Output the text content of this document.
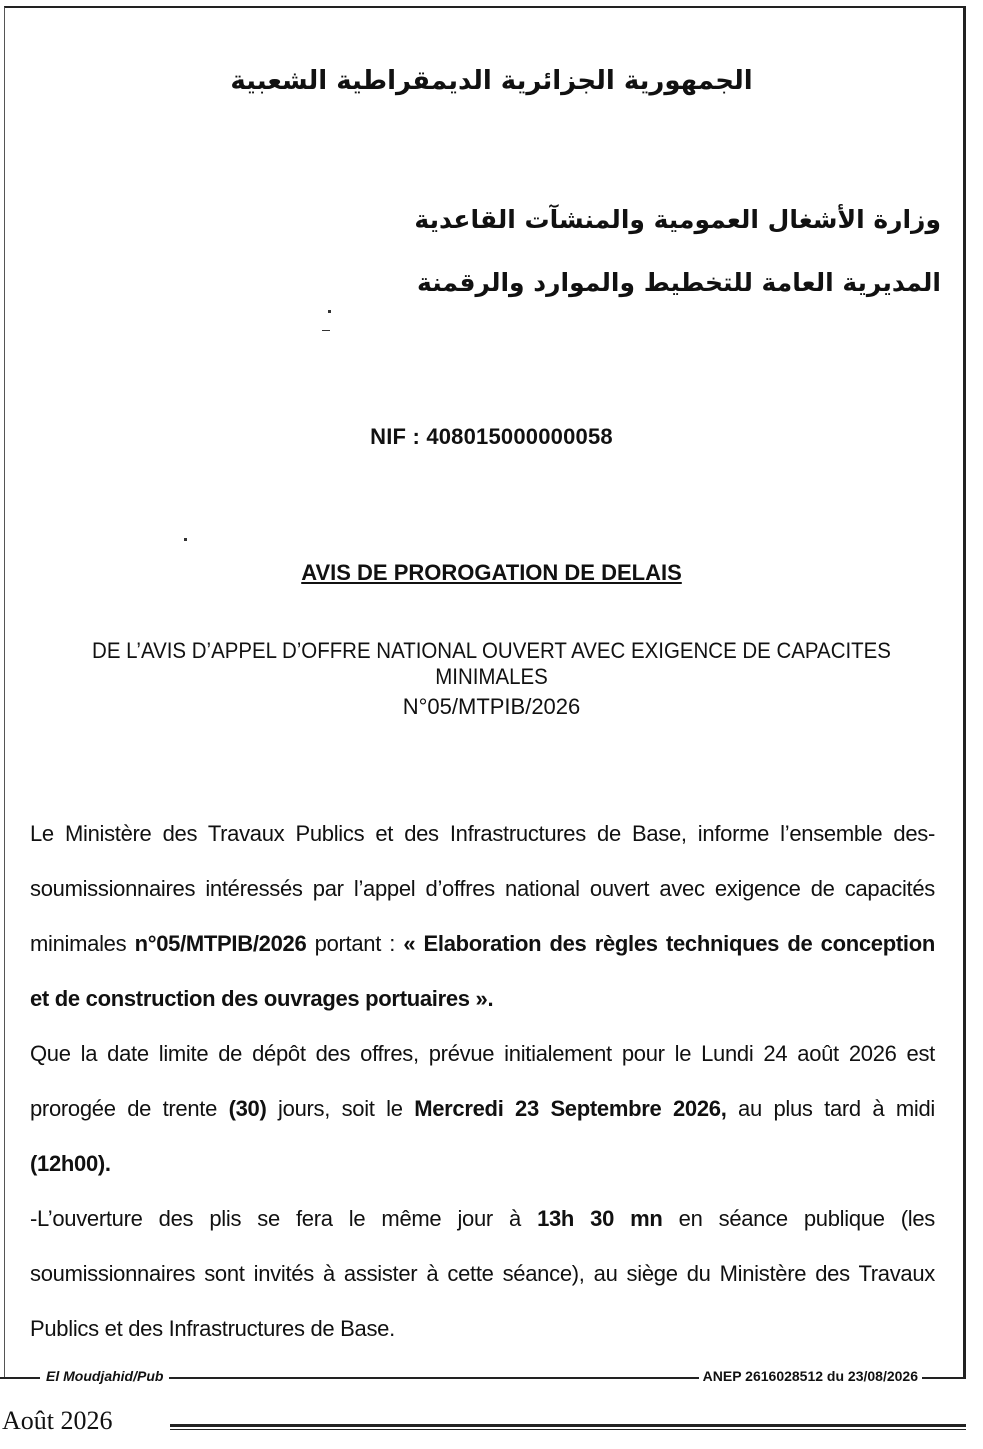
الجمهورية الجزائرية الديمقراطية الشعبية
وزارة الأشغال العمومية والمنشآت القاعدية
المديرية العامة للتخطيط والموارد والرقمنة
NIF : 408015000000058
AVIS DE PROROGATION DE DELAIS
DE L’AVIS D’APPEL D’OFFRE NATIONAL OUVERT AVEC EXIGENCE DE CAPACITES MINIMALES
N°05/MTPIB/2026

Le Ministère des Travaux Publics et des Infrastructures de Base, informe l’ensemble des-soumissionnaires intéressés par l’appel d’offres national ouvert avec exigence de capacités minimales n°05/MTPIB/2026 portant : « Elaboration des règles techniques de conception et de construction des ouvrages portuaires ».

Que la date limite de dépôt des offres, prévue initialement pour le Lundi 24 août 2026 est prorogée de trente (30) jours, soit le Mercredi 23 Septembre 2026, au plus tard à midi (12h00).

-L’ouverture des plis se fera le même jour à 13h 30 mn en séance publique (les soumissionnaires sont invités à assister à cette séance), au siège du Ministère des Travaux Publics et des Infrastructures de Base.

El Moudjahid/Pub	ANEP 2616028512 du 23/08/2026
Août 2026
